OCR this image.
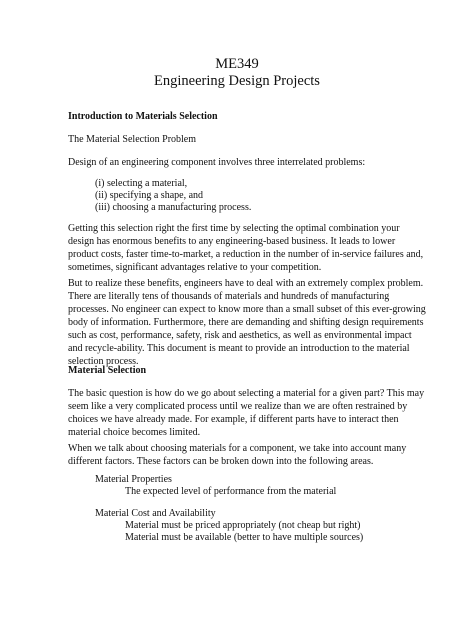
ME349
Engineering Design Projects

Introduction to Materials Selection

The Material Selection Problem

Design of an engineering component involves three interrelated problems:

(i) selecting a material,

(ii) specifying a shape, and

(iii) choosing a manufacturing process.

Getting this selection right the first time by selecting the optimal combination your
design has enormous benefits to any engineering-based business. It leads to lower
product costs, faster time-to-market, a reduction in the number of in-service failures and,
sometimes, significant advantages relative to your competition.
But to realize these benefits, engineers have to deal with an extremely complex problem.
There are literally tens of thousands of materials and hundreds of manufacturing
processes. No engineer can expect to know more than a small subset of this ever-growing
body of information. Furthermore, there are demanding and shifting design requirements
such as cost, performance, safety, risk and aesthetics, as well as environmental impact
and recycle-ability. This document is meant to provide an introduction to the material
selection process.

Material Selection

The basic question is how do we go about selecting a material for a given part? This may
seem like a very complicated process until we realize than we are often restrained by
choices we have already made. For example, if different parts have to interact then
material choice becomes limited.
When we talk about choosing materials for a component, we take into account many
different factors. These factors can be broken down into the following areas.

Material Properties

The expected level of performance from the material

Material Cost and Availability

Material must be priced appropriately (not cheap but right)

Material must be available (better to have multiple sources)
